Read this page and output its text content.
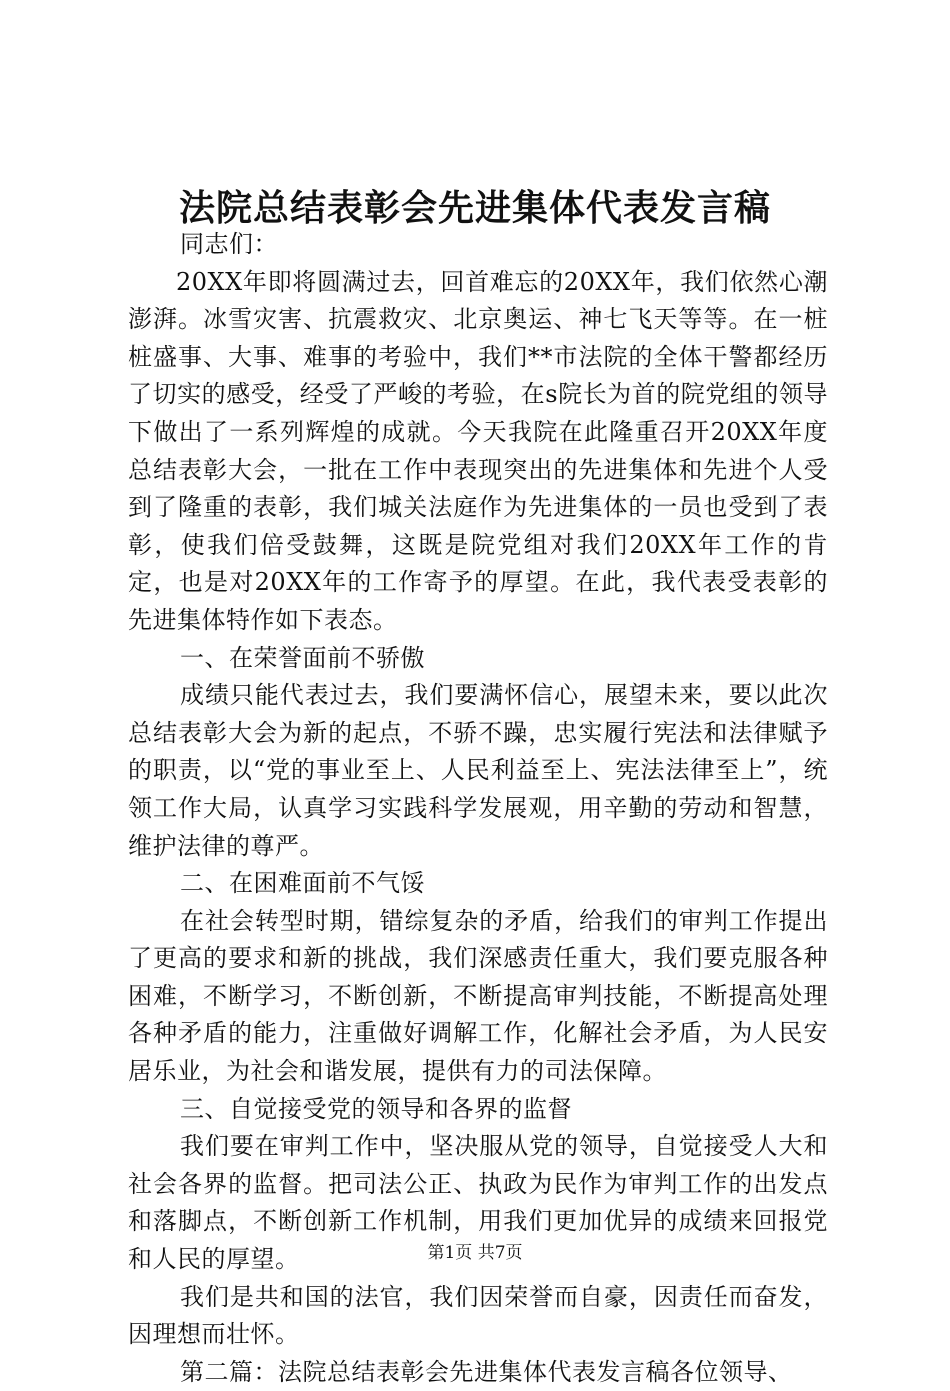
法院总结表彰会先进集体代表发言稿

同志们：

20XX年即将圆满过去，回首难忘的20XX年，我们依然心潮澎湃。冰雪灾害、抗震救灾、北京奥运、神七飞天等等。在一桩桩盛事、大事、难事的考验中，我们**市法院的全体干警都经历了切实的感受，经受了严峻的考验，在s院长为首的院党组的领导下做出了一系列辉煌的成就。今天我院在此隆重召开20XX年度总结表彰大会，一批在工作中表现突出的先进集体和先进个人受到了隆重的表彰，我们城关法庭作为先进集体的一员也受到了表彰，使我们倍受鼓舞，这既是院党组对我们20XX年工作的肯定，也是对20XX年的工作寄予的厚望。在此，我代表受表彰的先进集体特作如下表态。

一、在荣誉面前不骄傲

成绩只能代表过去，我们要满怀信心，展望未来，要以此次总结表彰大会为新的起点，不骄不躁，忠实履行宪法和法律赋予的职责，以“党的事业至上、人民利益至上、宪法法律至上”，统领工作大局，认真学习实践科学发展观，用辛勤的劳动和智慧，维护法律的尊严。

二、在困难面前不气馁

在社会转型时期，错综复杂的矛盾，给我们的审判工作提出了更高的要求和新的挑战，我们深感责任重大，我们要克服各种困难，不断学习，不断创新，不断提高审判技能，不断提高处理各种矛盾的能力，注重做好调解工作，化解社会矛盾，为人民安居乐业，为社会和谐发展，提供有力的司法保障。

三、自觉接受党的领导和各界的监督

我们要在审判工作中，坚决服从党的领导，自觉接受人大和社会各界的监督。把司法公正、执政为民作为审判工作的出发点和落脚点，不断创新工作机制，用我们更加优异的成绩来回报党和人民的厚望。

我们是共和国的法官，我们因荣誉而自豪，因责任而奋发，因理想而壮怀。

第二篇：法院总结表彰会先进集体代表发言稿各位领导、

第1页 共7页
